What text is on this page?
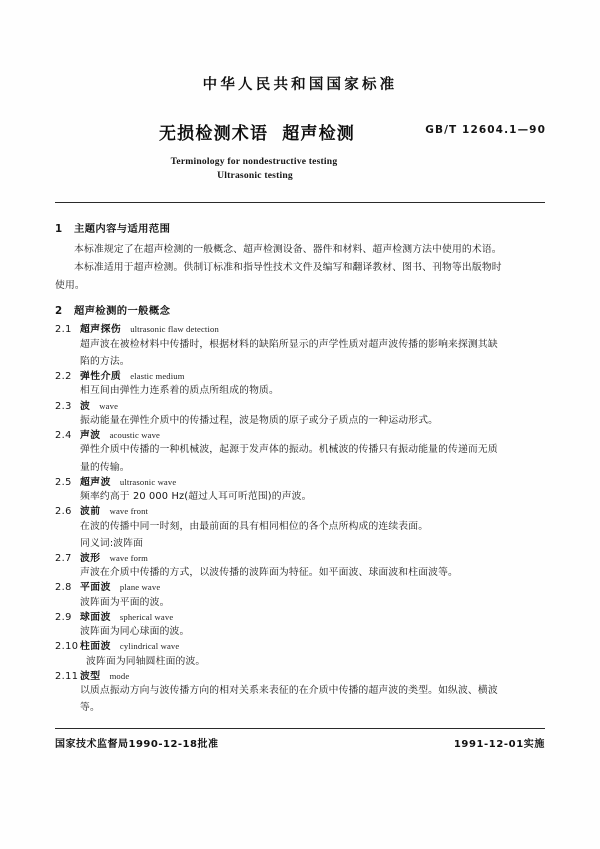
中华人民共和国国家标准
无损检测术语 超声检测	GB/T 12604.1—90
Terminology for nondestructive testing
Ultrasonic testing
1 主题内容与适用范围
本标准规定了在超声检测的一般概念、超声检测设备、器件和材料、超声检测方法中使用的术语。
本标准适用于超声检测。供制订标准和指导性技术文件及编写和翻译教材、图书、刊物等出版物时
使用。
2 超声检测的一般概念
2.1 超声探伤 ultrasonic flaw detection
超声波在被检材料中传播时，根据材料的缺陷所显示的声学性质对超声波传播的影响来探测其缺
陷的方法。
2.2 弹性介质 elastic medium
相互间由弹性力连系着的质点所组成的物质。
2.3 波 wave
振动能量在弹性介质中的传播过程，波是物质的原子或分子质点的一种运动形式。
2.4 声波 acoustic wave
弹性介质中传播的一种机械波，起源于发声体的振动。机械波的传播只有振动能量的传递而无质
量的传输。
2.5 超声波 ultrasonic wave
频率约高于 20 000 Hz(超过人耳可听范围)的声波。
2.6 波前 wave front
在波的传播中同一时刻，由最前面的具有相同相位的各个点所构成的连续表面。
同义词:波阵面
2.7 波形 wave form
声波在介质中传播的方式，以波传播的波阵面为特征。如平面波、球面波和柱面波等。
2.8 平面波 plane wave
波阵面为平面的波。
2.9 球面波 spherical wave
波阵面为同心球面的波。
2.10 柱面波 cylindrical wave
波阵面为同轴圆柱面的波。
2.11 波型 mode
以质点振动方向与波传播方向的相对关系来表征的在介质中传播的超声波的类型。如纵波、横波
等。
国家技术监督局1990-12-18批准	1991-12-01实施
